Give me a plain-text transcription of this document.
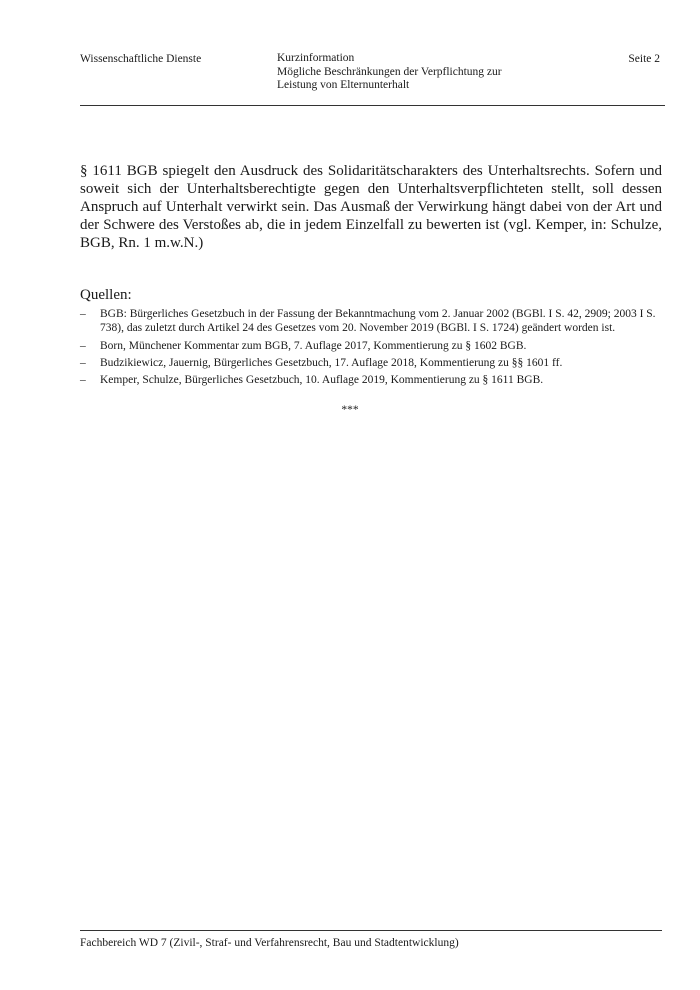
Wissenschaftliche Dienste	Kurzinformation
Mögliche Beschränkungen der Verpflichtung zur
Leistung von Elternunterhalt
Seite 2

§ 1611 BGB spiegelt den Ausdruck des Solidaritätscharakters des Unterhaltsrechts. Sofern und soweit sich der Unterhaltsberechtigte gegen den Unterhaltsverpflichteten stellt, soll dessen Anspruch auf Unterhalt verwirkt sein. Das Ausmaß der Verwirkung hängt dabei von der Art und der Schwere des Verstoßes ab, die in jedem Einzelfall zu bewerten ist (vgl. Kemper, in: Schulze, BGB, Rn. 1 m.w.N.)

Quellen:
– BGB: Bürgerliches Gesetzbuch in der Fassung der Bekanntmachung vom 2. Januar 2002 (BGBl. I S. 42, 2909; 2003 I S. 738), das zuletzt durch Artikel 24 des Gesetzes vom 20. November 2019 (BGBl. I S. 1724) geändert worden ist.
– Born, Münchener Kommentar zum BGB, 7. Auflage 2017, Kommentierung zu § 1602 BGB.
– Budzikiewicz, Jauernig, Bürgerliches Gesetzbuch, 17. Auflage 2018, Kommentierung zu §§ 1601 ff.
– Kemper, Schulze, Bürgerliches Gesetzbuch, 10. Auflage 2019, Kommentierung zu § 1611 BGB.
***
Fachbereich WD 7 (Zivil-, Straf- und Verfahrensrecht, Bau und Stadtentwicklung)
